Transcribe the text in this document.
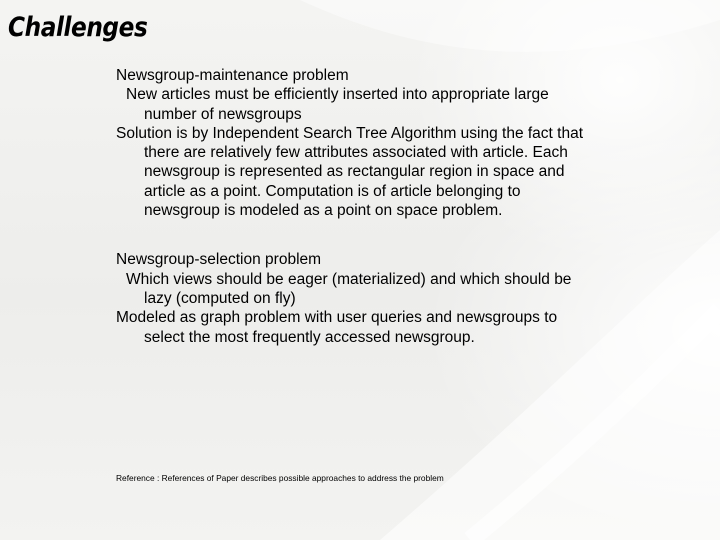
Challenges
Newsgroup-maintenance problem
New articles must be efficiently inserted into appropriate large
number of newsgroups
Solution is by Independent Search Tree Algorithm using the fact that
there are relatively few attributes associated with article. Each
newsgroup is represented as rectangular region in space and
article as a point. Computation is of article belonging to
newsgroup is modeled as a point on space problem.
Newsgroup-selection problem
Which views should be eager (materialized) and which should be
lazy (computed on fly)
Modeled as graph problem with user queries and newsgroups to
select the most frequently accessed newsgroup.
Reference : References of Paper describes possible approaches to address the problem
